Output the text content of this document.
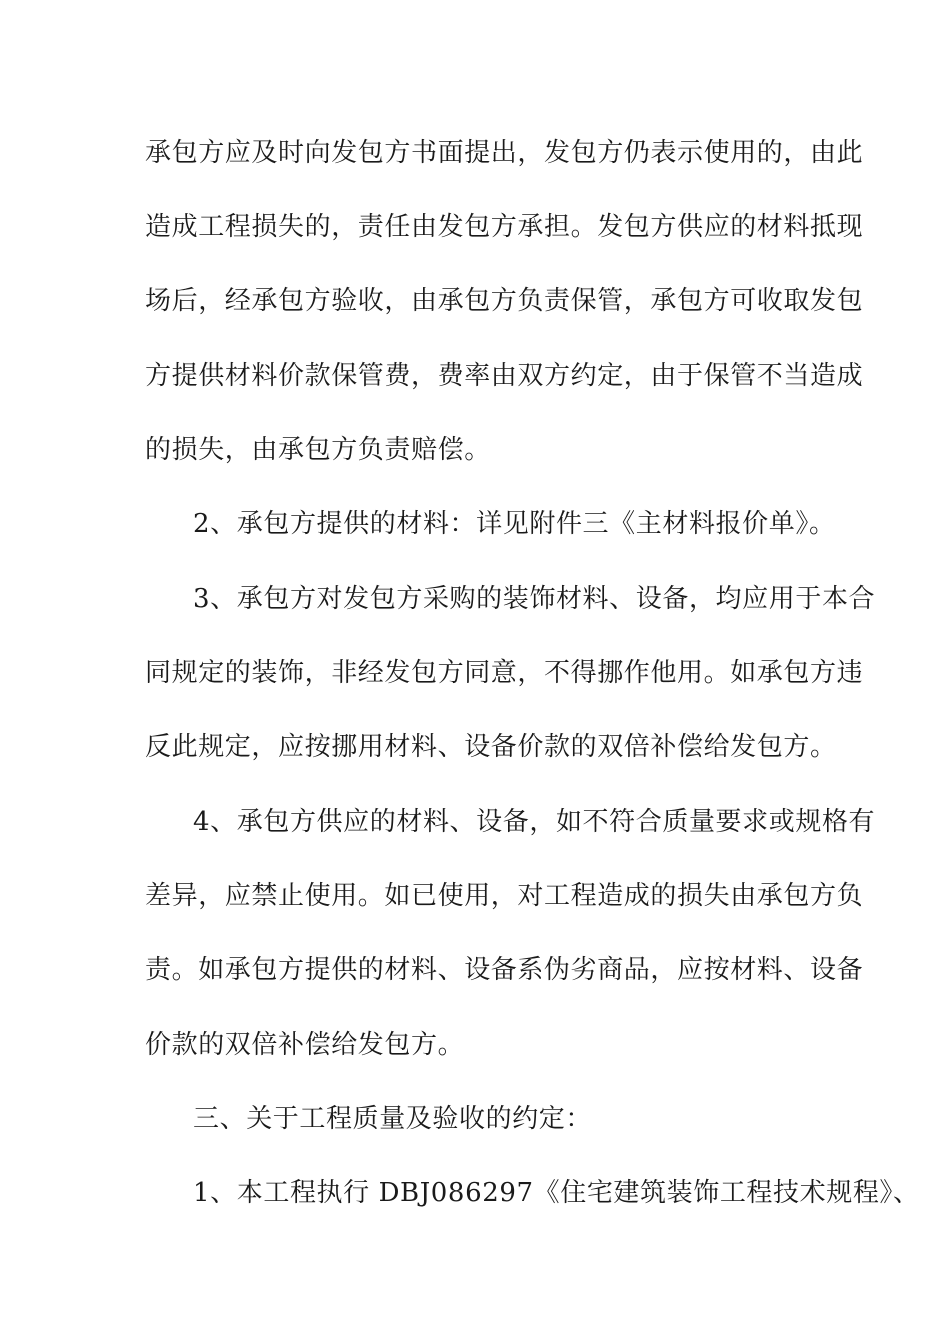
承包方应及时向发包方书面提出，发包方仍表示使用的，由此
造成工程损失的，责任由发包方承担。发包方供应的材料抵现
场后，经承包方验收，由承包方负责保管，承包方可收取发包
方提供材料价款保管费，费率由双方约定，由于保管不当造成
的损失，由承包方负责赔偿。
2、承包方提供的材料：详见附件三《主材料报价单》。
3、承包方对发包方采购的装饰材料、设备，均应用于本合
同规定的装饰，非经发包方同意，不得挪作他用。如承包方违
反此规定，应按挪用材料、设备价款的双倍补偿给发包方。
4、承包方供应的材料、设备，如不符合质量要求或规格有
差异，应禁止使用。如已使用，对工程造成的损失由承包方负
责。如承包方提供的材料、设备系伪劣商品，应按材料、设备
价款的双倍补偿给发包方。
三、关于工程质量及验收的约定：
1、本工程执行 DBJ086297《住宅建筑装饰工程技术规程》、
